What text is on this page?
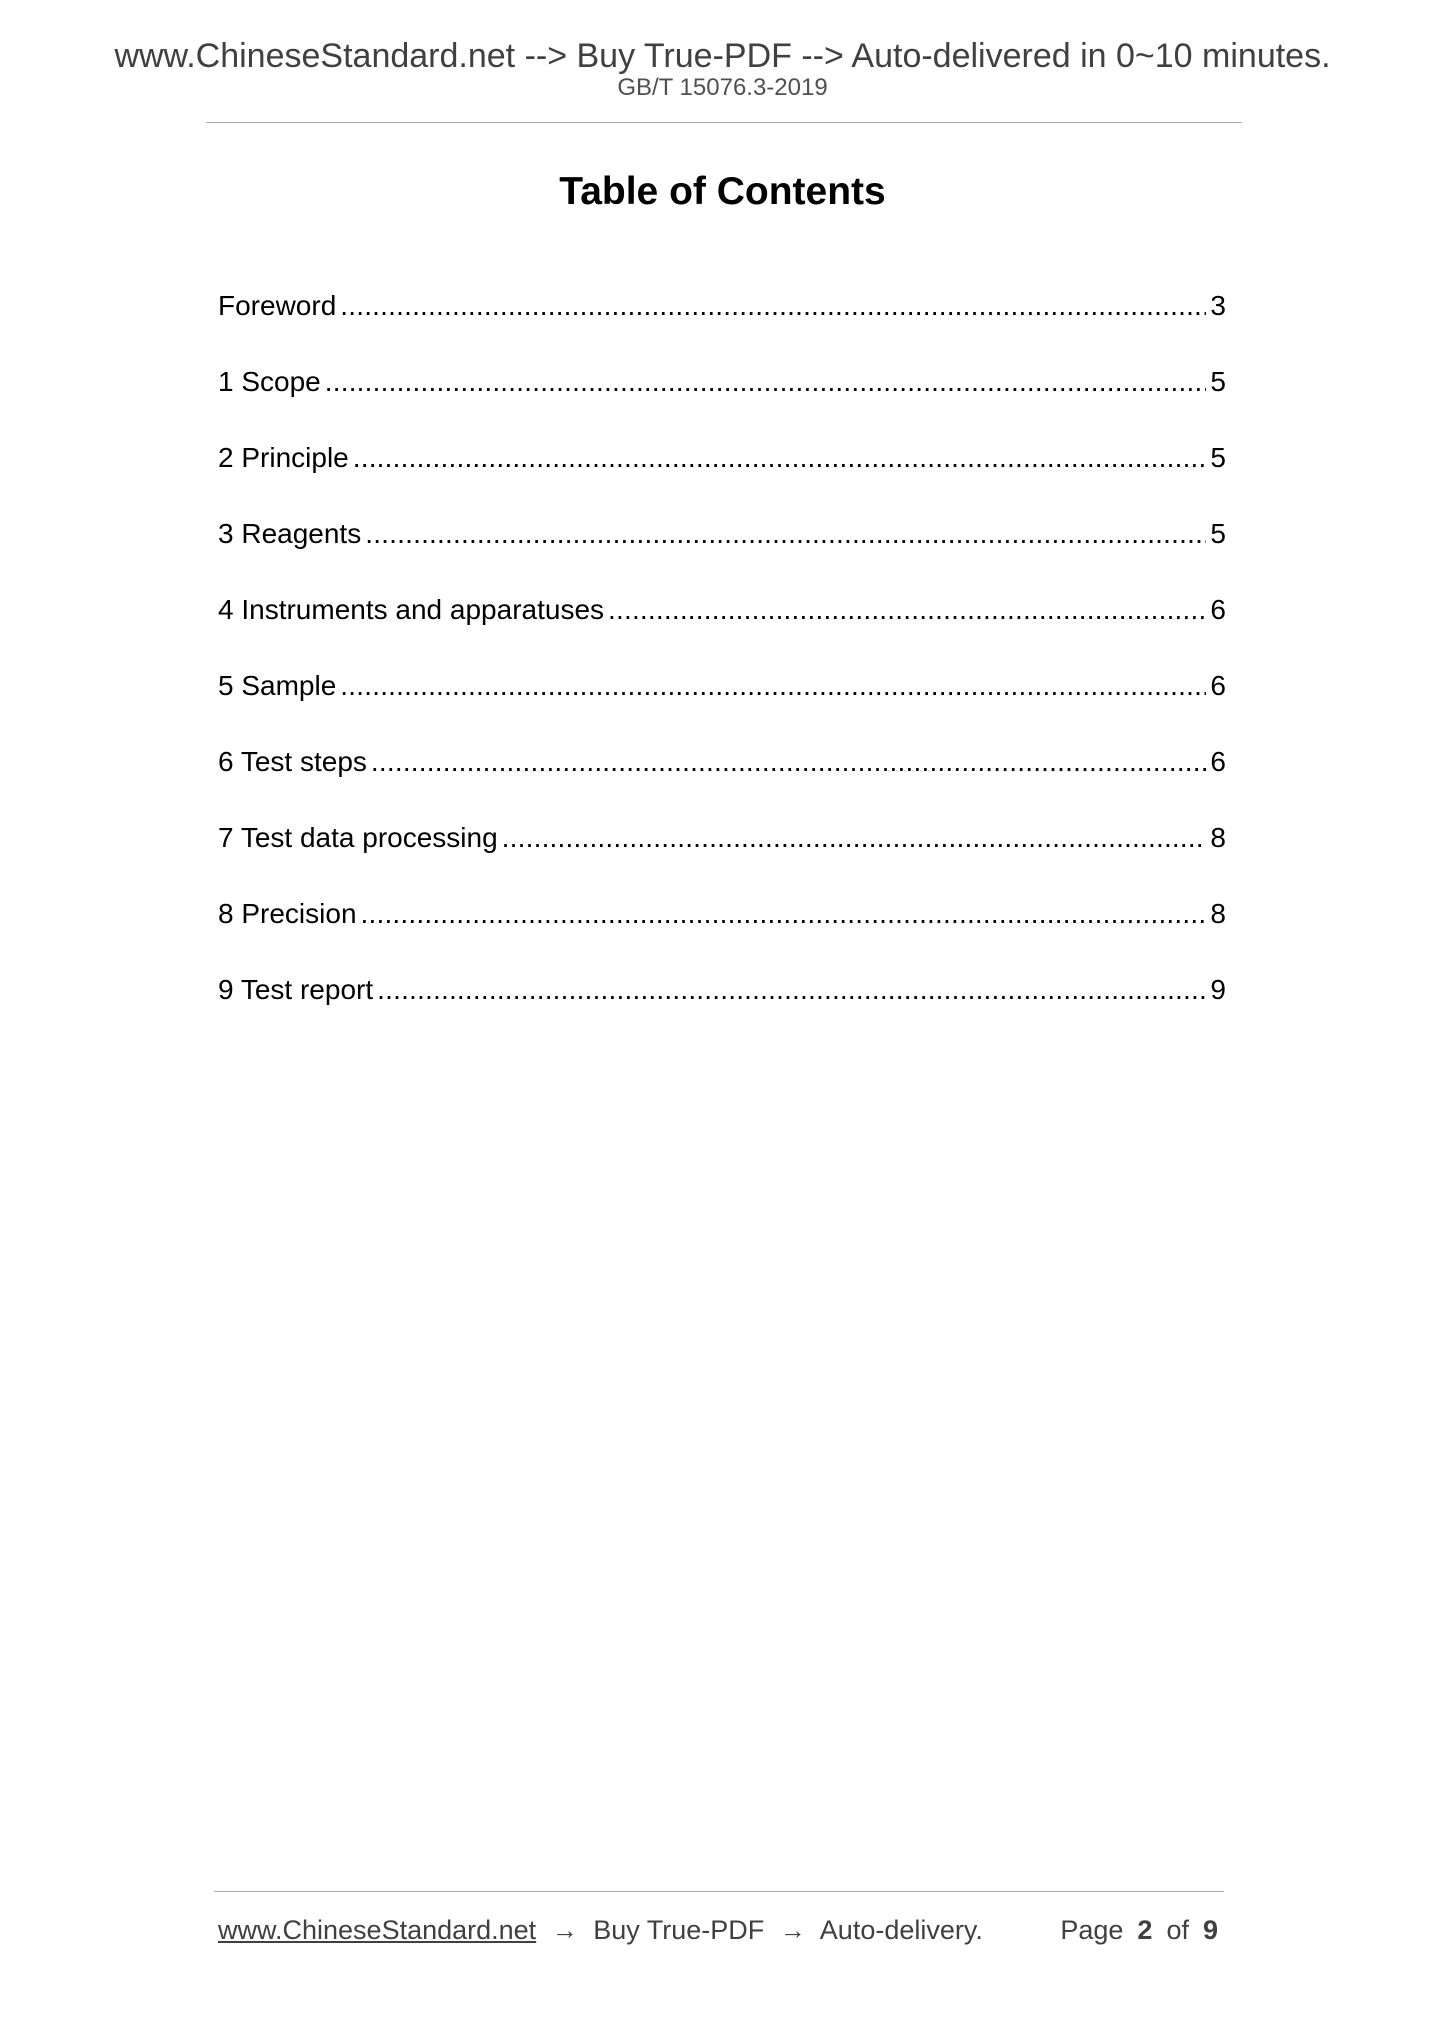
www.ChineseStandard.net --> Buy True-PDF --> Auto-delivered in 0~10 minutes.
GB/T 15076.3-2019
Table of Contents
Foreword .....	3
1 Scope .....	5
2 Principle .....	5
3 Reagents .....	5
4 Instruments and apparatuses .....	6
5 Sample .....	6
6 Test steps .....	6
7 Test data processing .....	8
8 Precision .....	8
9 Test report .....	9
www.ChineseStandard.net → Buy True-PDF → Auto-delivery.	Page 2 of 9
